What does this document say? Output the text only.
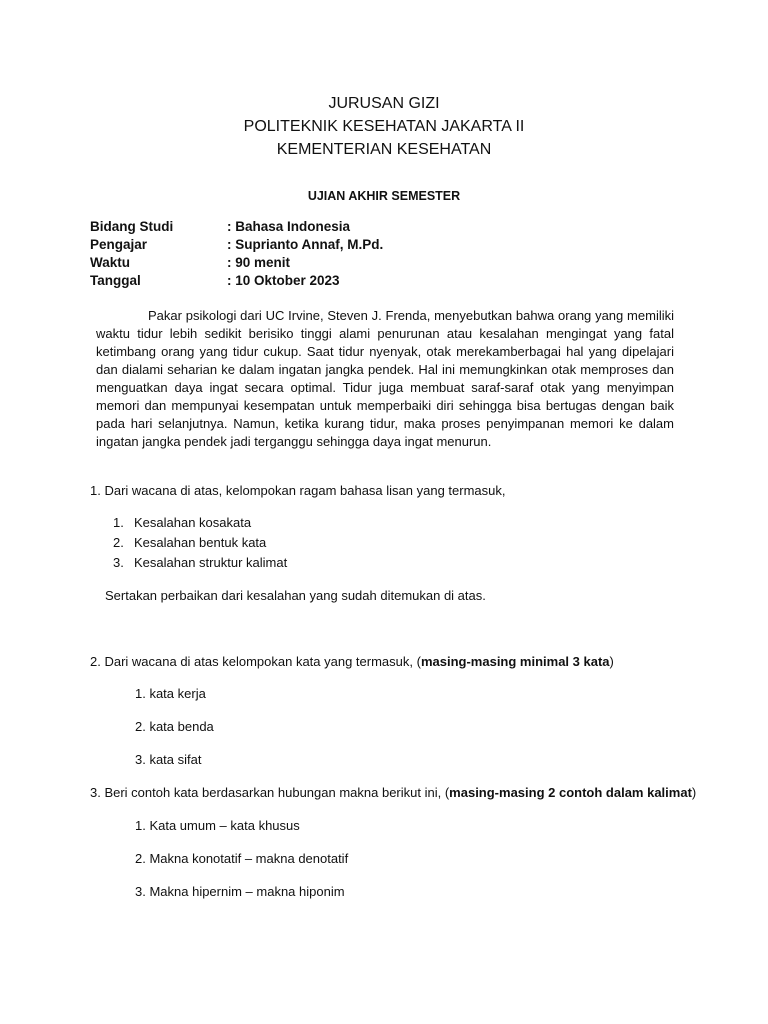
JURUSAN GIZI
POLITEKNIK KESEHATAN JAKARTA II
KEMENTERIAN KESEHATAN
UJIAN AKHIR SEMESTER
Bidang Studi	: Bahasa Indonesia
Pengajar	: Suprianto Annaf, M.Pd.
Waktu	: 90 menit
Tanggal	: 10 Oktober 2023

Pakar psikologi dari UC Irvine, Steven J. Frenda, menyebutkan bahwa orang yang memiliki waktu tidur lebih sedikit berisiko tinggi alami penurunan atau kesalahan mengingat yang fatal ketimbang orang yang tidur cukup. Saat tidur nyenyak, otak merekamberbagai hal yang dipelajari dan dialami seharian ke dalam ingatan jangka pendek. Hal ini memungkinkan otak memproses dan menguatkan daya ingat secara optimal. Tidur juga membuat saraf-saraf otak yang menyimpan memori dan mempunyai kesempatan untuk memperbaiki diri sehingga bisa bertugas dengan baik pada hari selanjutnya. Namun, ketika kurang tidur, maka proses penyimpanan memori ke dalam ingatan jangka pendek jadi terganggu sehingga daya ingat menurun.

1. Dari wacana di atas, kelompokan ragam bahasa lisan yang termasuk,
1. Kesalahan kosakata
2. Kesalahan bentuk kata
3. Kesalahan struktur kalimat
Sertakan perbaikan dari kesalahan yang sudah ditemukan di atas.
2. Dari wacana di atas kelompokan kata yang termasuk, (masing-masing minimal 3 kata)
1. kata kerja
2. kata benda
3. kata sifat
3. Beri contoh kata berdasarkan hubungan makna berikut ini, (masing-masing 2 contoh dalam kalimat)
1. Kata umum – kata khusus
2. Makna konotatif – makna denotatif
3. Makna hipernim – makna hiponim
